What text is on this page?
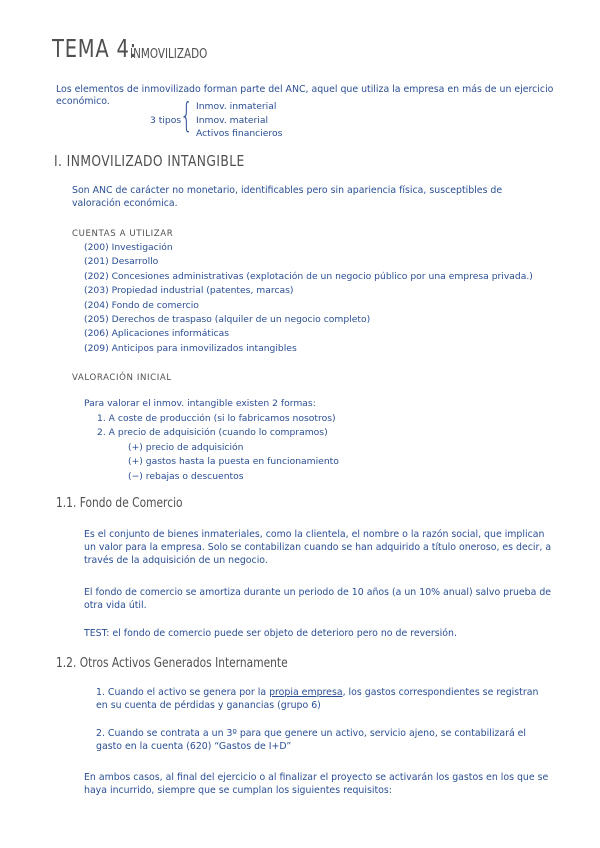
TEMA 4:
INMOVILIZADO
Los elementos de inmovilizado forman parte del ANC, aquel que utiliza la empresa en más de un ejercicio económico.
3 tipos
{ Inmov. inmaterial
Inmov. material
Activos financieros
I. INMOVILIZADO INTANGIBLE
Son ANC de carácter no monetario, identificables pero sin apariencia física, susceptibles de valoración económica.
CUENTAS A UTILIZAR
(200) Investigación
(201) Desarrollo
(202) Concesiones administrativas (explotación de un negocio público por una empresa privada.)
(203) Propiedad industrial (patentes, marcas)
(204) Fondo de comercio
(205) Derechos de traspaso (alquiler de un negocio completo)
(206) Aplicaciones informáticas
(209) Anticipos para inmovilizados intangibles
VALORACIÓN INICIAL
Para valorar el inmov. intangible existen 2 formas:
1. A coste de producción (si lo fabricamos nosotros)
2. A precio de adquisición (cuando lo compramos)
(+) precio de adquisición
(+) gastos hasta la puesta en funcionamiento
(−) rebajas o descuentos
1.1. Fondo de Comercio
Es el conjunto de bienes inmateriales, como la clientela, el nombre o la razón social, que implican un valor para la empresa. Solo se contabilizan cuando se han adquirido a título oneroso, es decir, a través de la adquisición de un negocio.
El fondo de comercio se amortiza durante un periodo de 10 años (a un 10% anual) salvo prueba de otra vida útil.
TEST: el fondo de comercio puede ser objeto de deterioro pero no de reversión.
1.2. Otros Activos Generados Internamente
1. Cuando el activo se genera por la propia empresa, los gastos correspondientes se registran en su cuenta de pérdidas y ganancias (grupo 6)
2. Cuando se contrata a un 3º para que genere un activo, servicio ajeno, se contabilizará el gasto en la cuenta (620) “Gastos de I+D”
En ambos casos, al final del ejercicio o al finalizar el proyecto se activarán los gastos en los que se haya incurrido, siempre que se cumplan los siguientes requisitos:
